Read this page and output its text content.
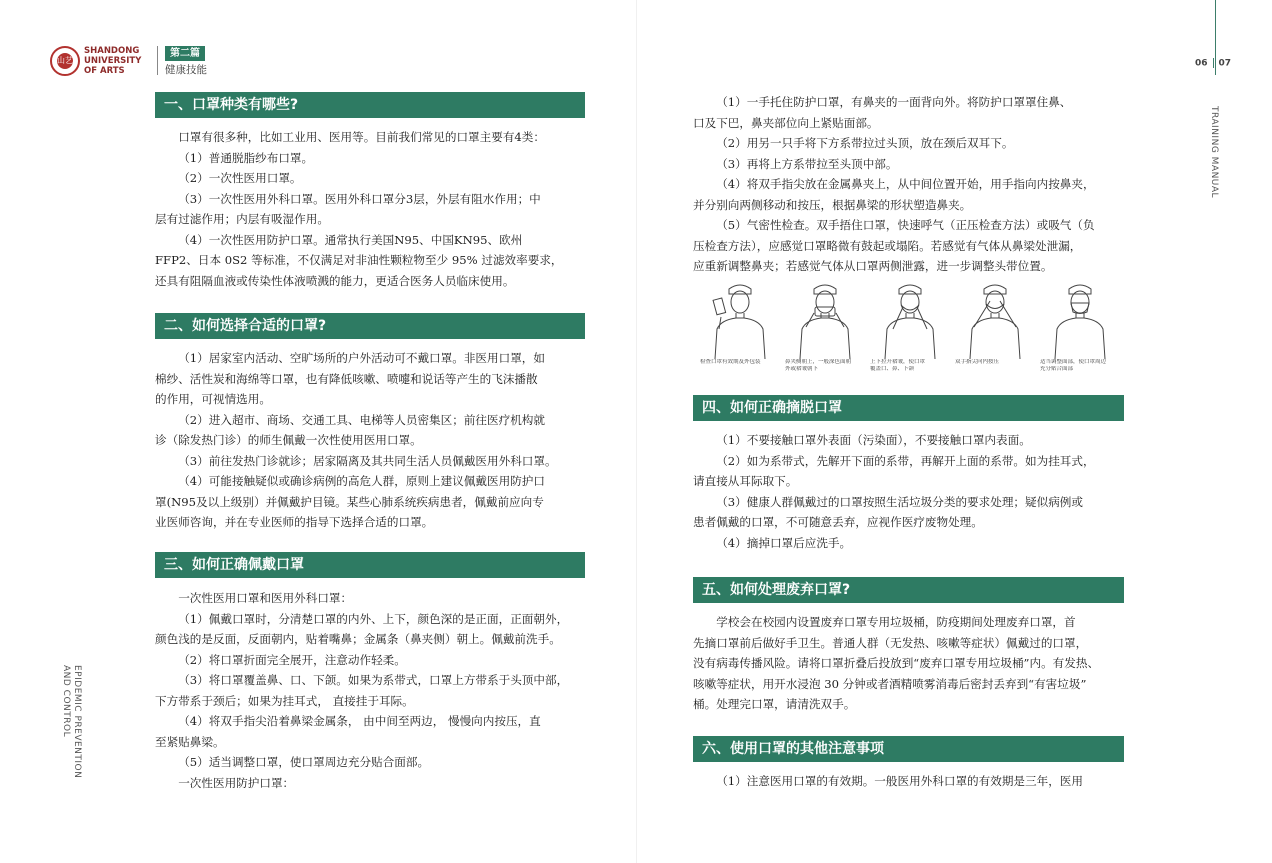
山艺
SHANDONG
UNIVERSITY
OF ARTS
第二篇
健康技能
06 07
TRAINING MANUAL
EPIDEMIC PREVENTION
AND CONTROL
一、口罩种类有哪些?

口罩有很多种，比如工业用、医用等。目前我们常见的口罩主要有4类：

（1）普通脱脂纱布口罩。

（2）一次性医用口罩。

（3）一次性医用外科口罩。医用外科口罩分3层，外层有阻水作用；中

层有过滤作用；内层有吸湿作用。

（4）一次性医用防护口罩。通常执行美国N95、中国KN95、欧州

FFP2、日本 0S2 等标准，不仅满足对非油性颗粒物至少 95% 过滤效率要求，

还具有阻隔血液或传染性体液喷溅的能力，更适合医务人员临床使用。

二、如何选择合适的口罩?

（1）居家室内活动、空旷场所的户外活动可不戴口罩。非医用口罩，如

棉纱、活性炭和海绵等口罩，也有降低咳嗽、喷嚏和说话等产生的飞沫播散

的作用，可视情选用。

（2）进入超市、商场、交通工具、电梯等人员密集区；前往医疗机构就

诊（除发热门诊）的师生佩戴一次性使用医用口罩。

（3）前往发热门诊就诊；居家隔离及其共同生活人员佩戴医用外科口罩。

（4）可能接触疑似或确诊病例的高危人群，原则上建议佩戴医用防护口

罩(N95及以上级别）并佩戴护目镜。某些心肺系统疾病患者，佩戴前应向专

业医师咨询，并在专业医师的指导下选择合适的口罩。

三、如何正确佩戴口罩

一次性医用口罩和医用外科口罩：

（1）佩戴口罩时，分清楚口罩的内外、上下，颜色深的是正面，正面朝外，

颜色浅的是反面，反面朝内，贴着嘴鼻；金属条（鼻夹侧）朝上。佩戴前洗手。

（2）将口罩折面完全展开，注意动作轻柔。

（3）将口罩覆盖鼻、口、下颌。如果为系带式，口罩上方带系于头顶中部，

下方带系于颈后；如果为挂耳式， 直接挂于耳际。

（4）将双手指尖沿着鼻梁金属条， 由中间至两边， 慢慢向内按压，直

至紧贴鼻梁。

（5）适当调整口罩，使口罩周边充分贴合面部。

一次性医用防护口罩：

（1）一手托住防护口罩，有鼻夹的一面背向外。将防护口罩罩住鼻、

口及下巴，鼻夹部位向上紧贴面部。

（2）用另一只手将下方系带拉过头顶，放在颈后双耳下。

（3）再将上方系带拉至头顶中部。

（4）将双手指尖放在金属鼻夹上，从中间位置开始，用手指向内按鼻夹，

并分别向两侧移动和按压，根据鼻梁的形状塑造鼻夹。

（5）气密性检查。双手捂住口罩，快速呼气（正压检查方法）或吸气（负

压检查方法），应感觉口罩略微有鼓起或塌陷。若感觉有气体从鼻梁处泄漏，

应重新调整鼻夹；若感觉气体从口罩两侧泄露，进一步调整头带位置。

检查口罩有效期及外包装	鼻夹侧朝上，一般深色面朝
外或褶皱朝下
上下拉开褶皱，使口罩
覆盖口、鼻、下颌
双手指尖向内按压	适当调整面部，使口罩周边
充分贴合面部
四、如何正确摘脱口罩

（1）不要接触口罩外表面（污染面），不要接触口罩内表面。

（2）如为系带式，先解开下面的系带，再解开上面的系带。如为挂耳式，

请直接从耳际取下。

（3）健康人群佩戴过的口罩按照生活垃圾分类的要求处理；疑似病例或

患者佩戴的口罩，不可随意丢弃，应视作医疗废物处理。

（4）摘掉口罩后应洗手。

五、如何处理废弃口罩?

学校会在校园内设置废弃口罩专用垃圾桶，防疫期间处理废弃口罩，首

先摘口罩前后做好手卫生。普通人群（无发热、咳嗽等症状）佩戴过的口罩，

没有病毒传播风险。请将口罩折叠后投放到“废弃口罩专用垃圾桶”内。有发热、

咳嗽等症状，用开水浸泡 30 分钟或者酒精喷雾消毒后密封丢弃到“有害垃圾”

桶。处理完口罩，请清洗双手。

六、使用口罩的其他注意事项

（1）注意医用口罩的有效期。一般医用外科口罩的有效期是三年，医用
